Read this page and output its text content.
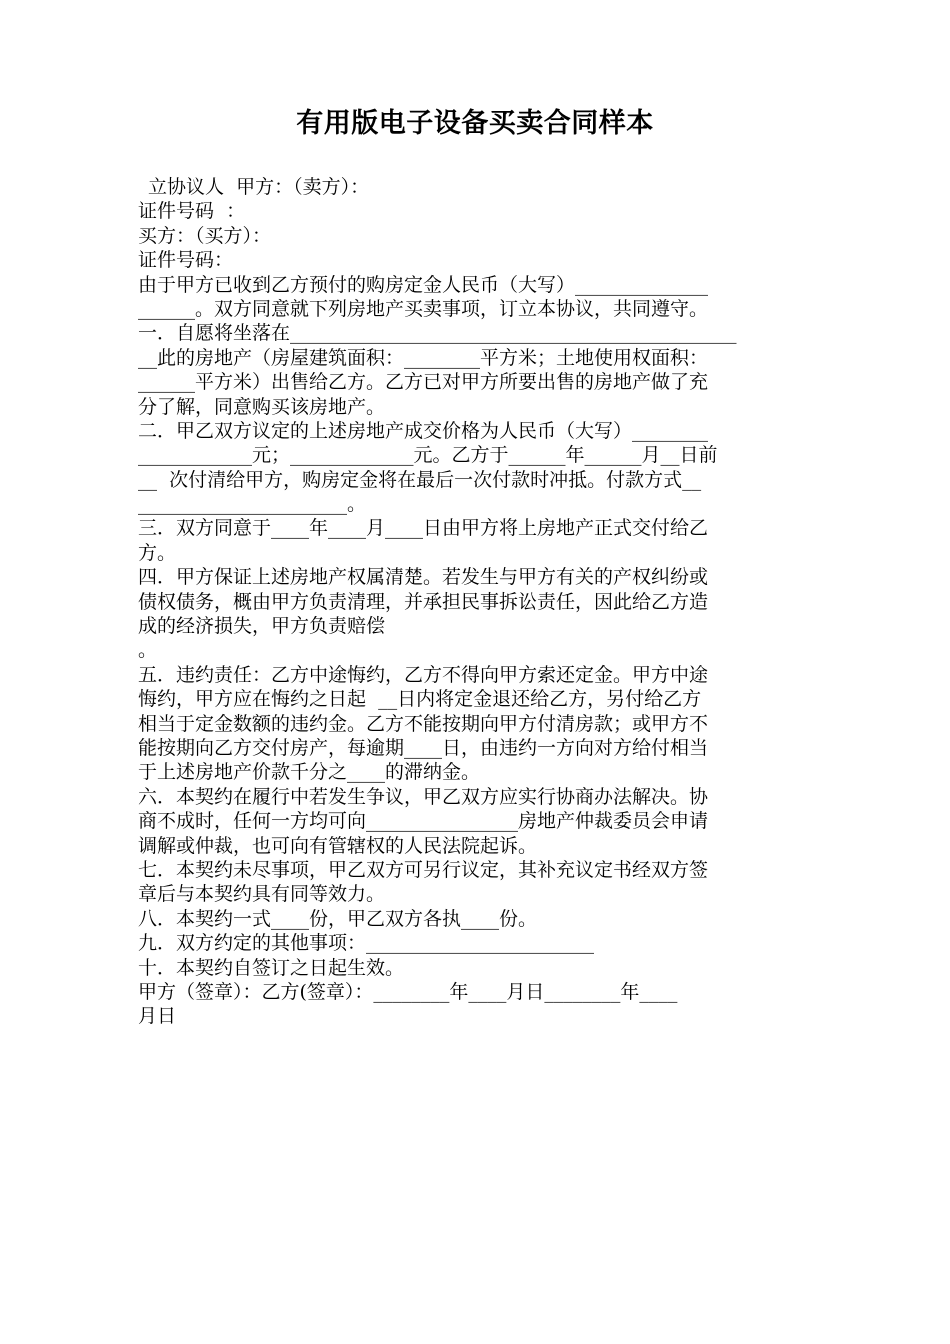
有用版电子设备买卖合同样本
立协议人  甲方：（卖方）：
证件号码  ：
买方：（买方）：
证件号码：
由于甲方已收到乙方预付的购房定金人民币（大写）______________
______。双方同意就下列房地产买卖事项，订立本协议，共同遵守。
一．自愿将坐落在_______________________________________________
__此的房地产（房屋建筑面积：________平方米；土地使用权面积：
______平方米）出售给乙方。乙方已对甲方所要出售的房地产做了充
分了解，同意购买该房地产。
二．甲乙双方议定的上述房地产成交价格为人民币（大写）________
____________元；_____________元。乙方于______年______月__日前
__  次付清给甲方，购房定金将在最后一次付款时冲抵。付款方式__
______________________。
三．双方同意于____年____月____日由甲方将上房地产正式交付给乙
方。
四．甲方保证上述房地产权属清楚。若发生与甲方有关的产权纠纷或
债权债务，概由甲方负责清理，并承担民事拆讼责任，因此给乙方造
成的经济损失，甲方负责赔偿
。
五．违约责任：乙方中途悔约，乙方不得向甲方索还定金。甲方中途
悔约，甲方应在悔约之日起  __日内将定金退还给乙方，另付给乙方
相当于定金数额的违约金。乙方不能按期向甲方付清房款；或甲方不
能按期向乙方交付房产，每逾期____日，由违约一方向对方给付相当
于上述房地产价款千分之____的滞纳金。
六．本契约在履行中若发生争议，甲乙双方应实行协商办法解决。协
商不成时，任何一方均可向________________房地产仲裁委员会申请
调解或仲裁，也可向有管辖权的人民法院起诉。
七．本契约未尽事项，甲乙双方可另行议定，其补充议定书经双方签
章后与本契约具有同等效力。
八．本契约一式____份，甲乙双方各执____份。
九．双方约定的其他事项：________________________
十．本契约自签订之日起生效。
甲方（签章）：乙方(签章）：________年____月日________年____
月日
